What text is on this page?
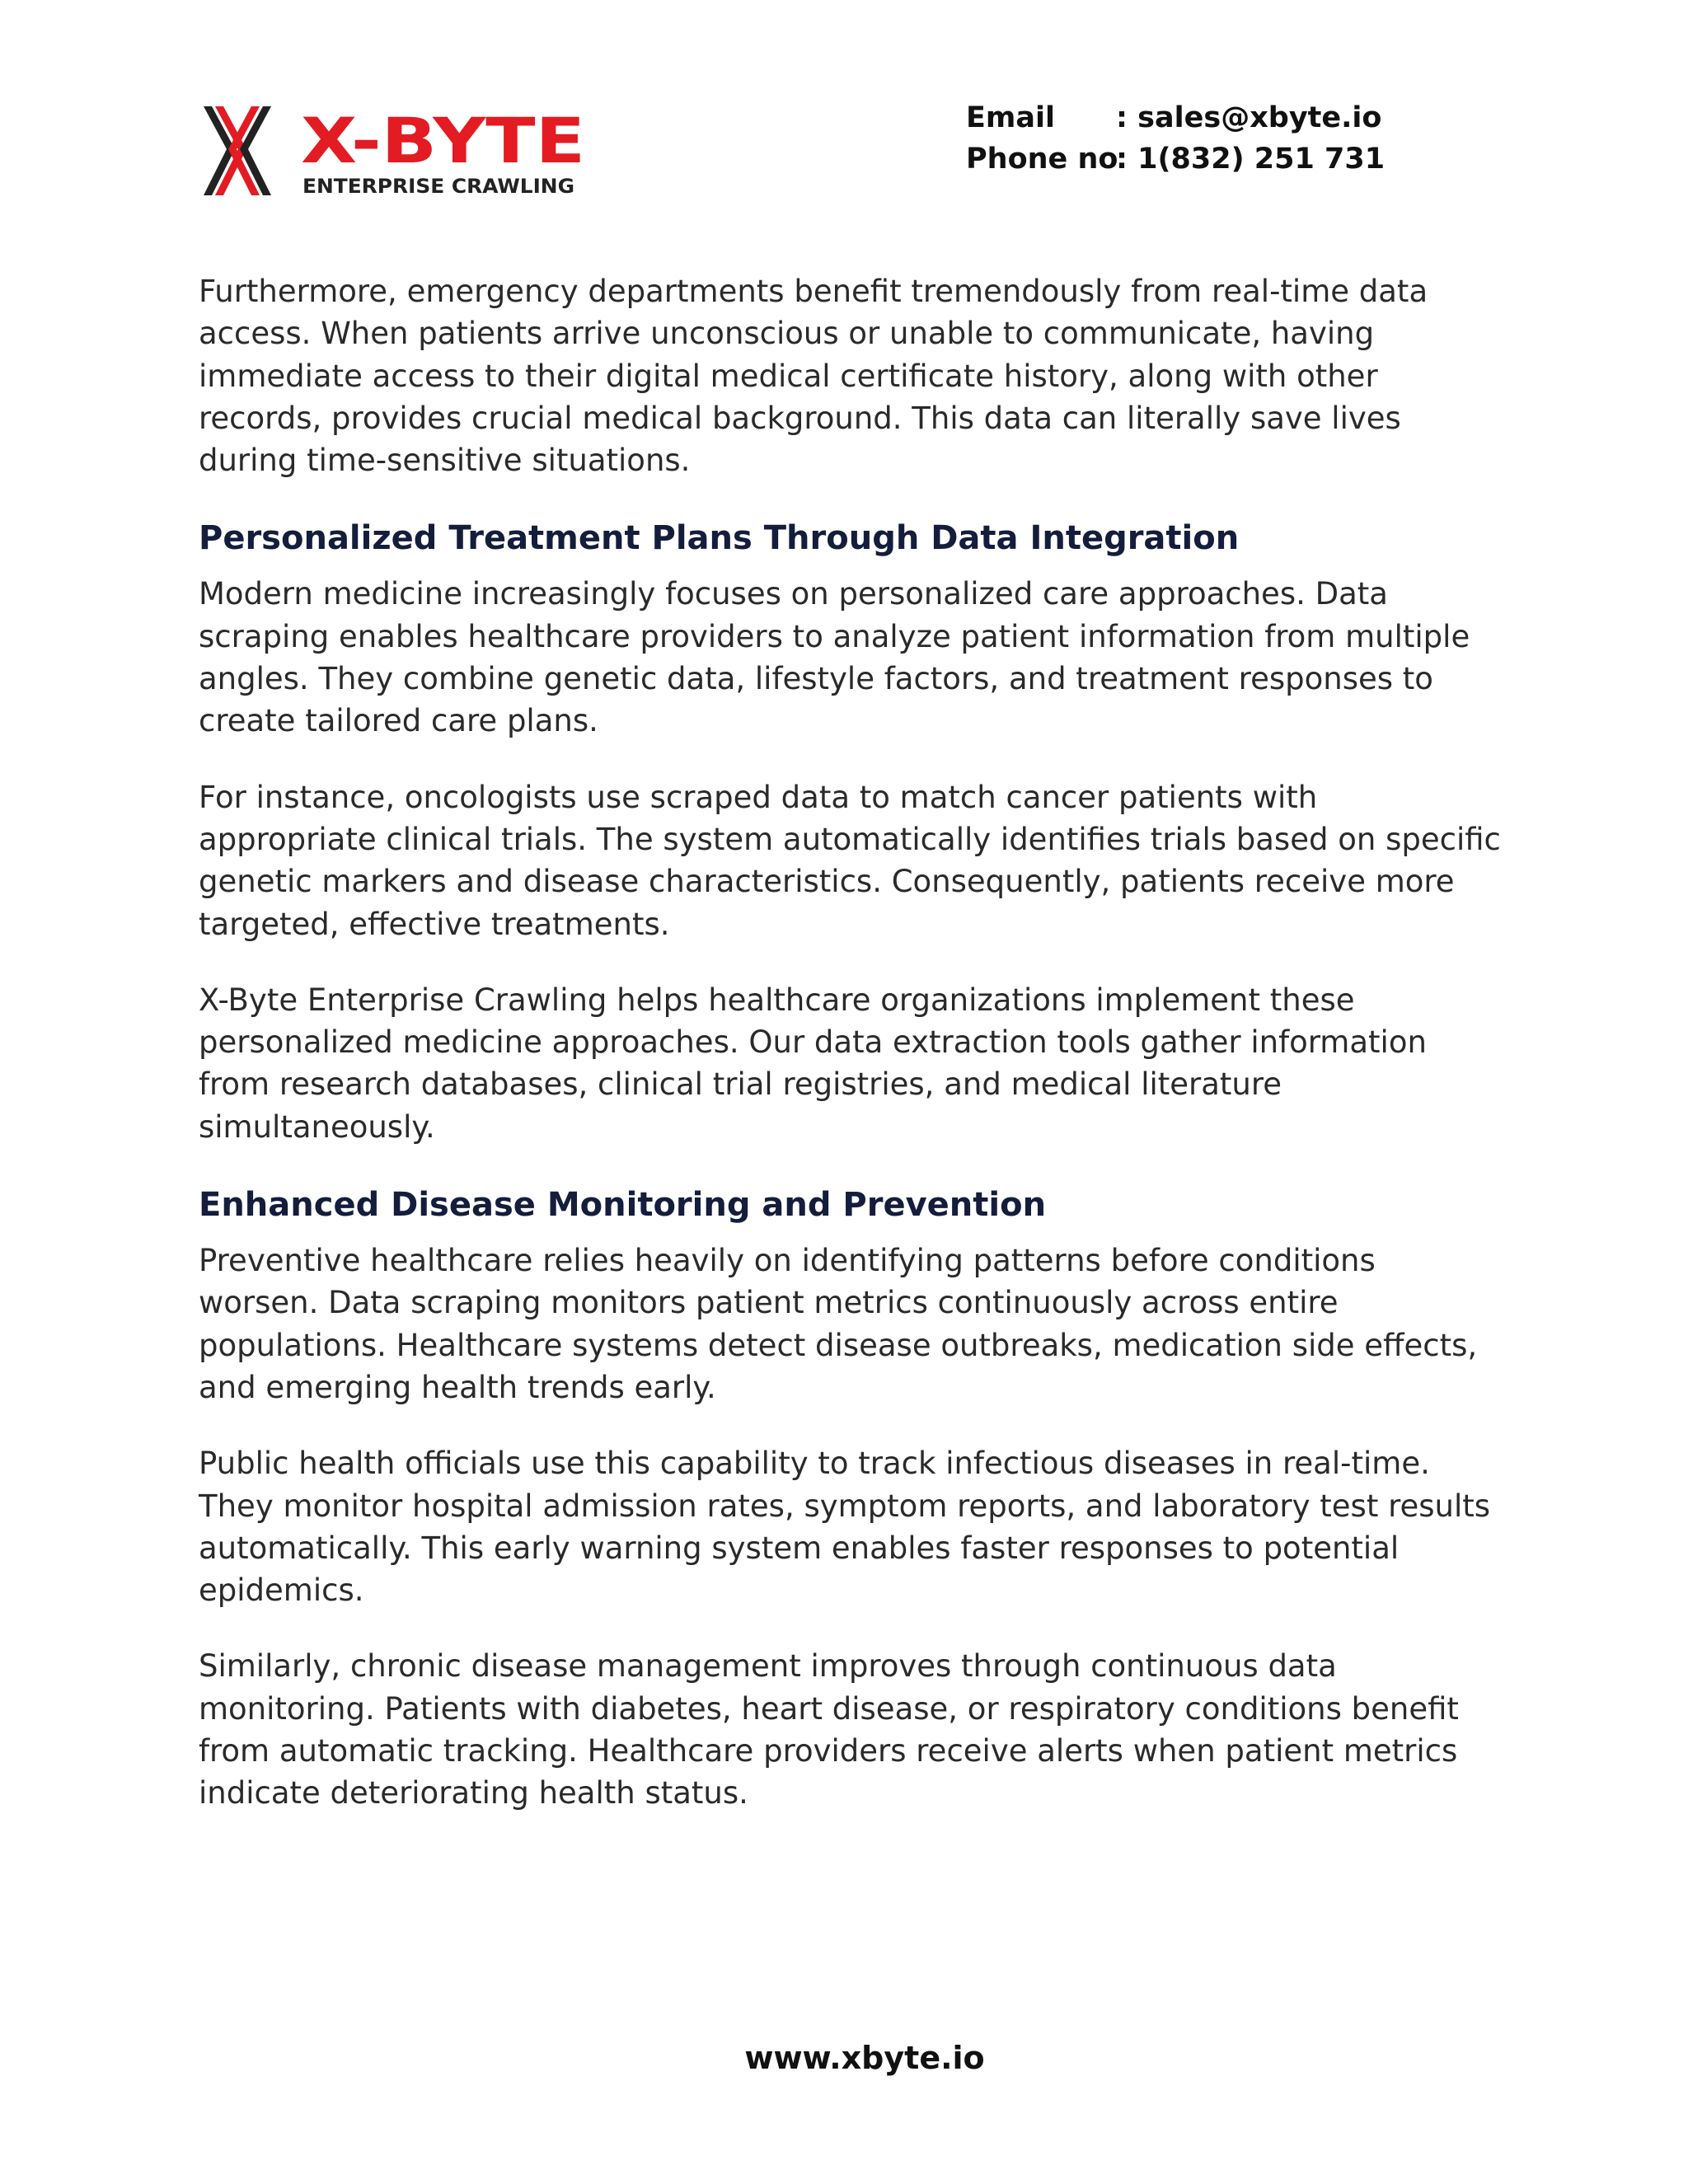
X-BYTE
ENTERPRISE CRAWLING
Email : sales@xbyte.io
Phone no : 1(832) 251 731

Furthermore, emergency departments benefit tremendously from real-time data access. When patients arrive unconscious or unable to communicate, having immediate access to their digital medical certificate history, along with other records, provides crucial medical background. This data can literally save lives during time-sensitive situations.

Personalized Treatment Plans Through Data Integration

Modern medicine increasingly focuses on personalized care approaches. Data scraping enables healthcare providers to analyze patient information from multiple angles. They combine genetic data, lifestyle factors, and treatment responses to create tailored care plans.

For instance, oncologists use scraped data to match cancer patients with appropriate clinical trials. The system automatically identifies trials based on specific genetic markers and disease characteristics. Consequently, patients receive more targeted, effective treatments.

X-Byte Enterprise Crawling helps healthcare organizations implement these personalized medicine approaches. Our data extraction tools gather information from research databases, clinical trial registries, and medical literature simultaneously.

Enhanced Disease Monitoring and Prevention

Preventive healthcare relies heavily on identifying patterns before conditions worsen. Data scraping monitors patient metrics continuously across entire populations. Healthcare systems detect disease outbreaks, medication side effects, and emerging health trends early.

Public health officials use this capability to track infectious diseases in real-time. They monitor hospital admission rates, symptom reports, and laboratory test results automatically. This early warning system enables faster responses to potential epidemics.

Similarly, chronic disease management improves through continuous data monitoring. Patients with diabetes, heart disease, or respiratory conditions benefit from automatic tracking. Healthcare providers receive alerts when patient metrics indicate deteriorating health status.

www.xbyte.io
